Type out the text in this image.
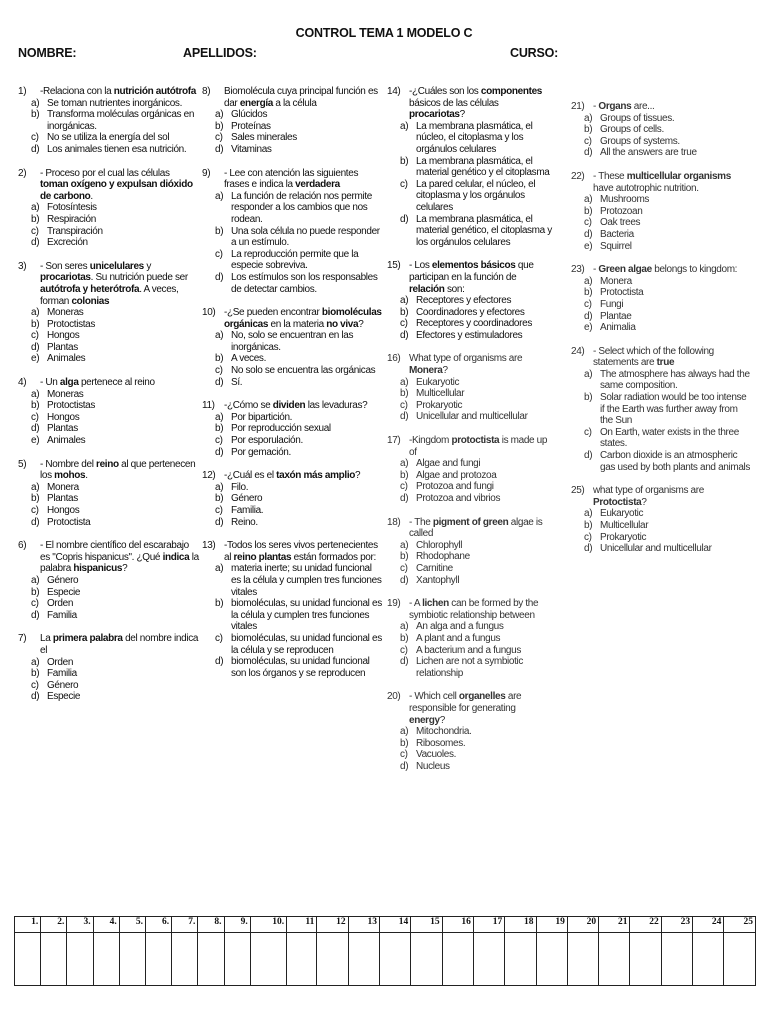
CONTROL TEMA 1 MODELO C
NOMBRE:	APELLIDOS:	CURSO:
1)	-Relaciona con la nutrición autótrofa
a) Se toman nutrientes inorgánicos.
b) Transforma moléculas orgánicas en inorgánicas.
c) No se utiliza la energía del sol
d) Los animales tienen esa nutrición.
2)	- Proceso por el cual las células toman oxígeno y expulsan dióxido de carbono.
a) Fotosíntesis
b) Respiración
c) Transpiración
d) Excreción
3)	- Son seres unicelulares y procariotas. Su nutrición puede ser autótrofa y heterótrofa. A veces, forman colonias
a) Moneras
b) Protoctistas
c) Hongos
d) Plantas
e) Animales
4)	- Un alga pertenece al reino
a) Moneras
b) Protoctistas
c) Hongos
d) Plantas
e) Animales
5)	- Nombre del reino al que pertenecen los mohos.
a) Monera
b) Plantas
c) Hongos
d) Protoctista
6)	- El nombre científico del escarabajo es "Copris hispanicus". ¿Qué indica la palabra hispanicus?
a) Género
b) Especie
c) Orden
d) Familia
7)	La primera palabra del nombre indica el
a) Orden
b) Familia
c) Género
d) Especie
8)	Biomolécula cuya principal función es dar energía a la célula
a) Glúcidos
b) Proteínas
c) Sales minerales
d) Vitaminas
9)	- Lee con atención las siguientes frases e indica la verdadera
a) La función de relación nos permite responder a los cambios que nos rodean.
b) Una sola célula no puede responder a un estímulo.
c) La reproducción permite que la especie sobreviva.
d) Los estímulos son los responsables de detectar cambios.
10) -¿Se pueden encontrar biomoléculas orgánicas en la materia no viva?
a) No, solo se encuentran en las inorgánicas.
b) A veces.
c) No solo se encuentra las orgánicas
d) Sí.
11) -¿Cómo se dividen las levaduras?
a) Por bipartición.
b) Por reproducción sexual
c) Por esporulación.
d) Por gemación.
12) -¿Cuál es el taxón más amplio?
a) Filo.
b) Género
c) Familia.
d) Reino.
13) -Todos los seres vivos pertenecientes al reino plantas están formados por:
a) materia inerte; su unidad funcional es la célula y cumplen tres funciones vitales
b) biomoléculas, su unidad funcional es la célula y cumplen tres funciones vitales
c) biomoléculas, su unidad funcional es la célula y se reproducen
d) biomoléculas, su unidad funcional son los órganos y se reproducen
14) -¿Cuáles son los componentes básicos de las células procariotas?
a) La membrana plasmática, el núcleo, el citoplasma y los orgánulos celulares
b) La membrana plasmática, el material genético y el citoplasma
c) La pared celular, el núcleo, el citoplasma y los orgánulos celulares
d) La membrana plasmática, el material genético, el citoplasma y los orgánulos celulares
15) - Los elementos básicos que participan en la función de relación son:
a) Receptores y efectores
b) Coordinadores y efectores
c) Receptores y coordinadores
d) Efectores y estimuladores
16) What type of organisms are Monera?
a) Eukaryotic
b) Multicellular
c) Prokaryotic
d) Unicellular and multicellular
17) -Kingdom protoctista is made up of
a) Algae and fungi
b) Algae and protozoa
c) Protozoa and fungi
d) Protozoa and vibrios
18) - The pigment of green algae is called
a) Chlorophyll
b) Rhodophane
c) Carnitine
d) Xantophyll
19) - A lichen can be formed by the symbiotic relationship between
a) An alga and a fungus
b) A plant and a fungus
c) A bacterium and a fungus
d) Lichen are not a symbiotic relationship
20) - Which cell organelles are responsible for generating energy?
a) Mitochondria.
b) Ribosomes.
c) Vacuoles.
d) Nucleus
21) - Organs are...
a) Groups of tissues.
b) Groups of cells.
c) Groups of systems.
d) All the answers are true
22) - These multicellular organisms have autotrophic nutrition.
a) Mushrooms
b) Protozoan
c) Oak trees
d) Bacteria
e) Squirrel
23) - Green algae belongs to kingdom:
a) Monera
b) Protoctista
c) Fungi
d) Plantae
e) Animalia
24) - Select which of the following statements are true
a) The atmosphere has always had the same composition.
b) Solar radiation would be too intense if the Earth was further away from the Sun
c) On Earth, water exists in the three states.
d) Carbon dioxide is an atmospheric gas used by both plants and animals
25) what type of organisms are Protoctista?
a) Eukaryotic
b) Multicellular
c) Prokaryotic
d) Unicellular and multicellular
1.	2.	3.	4.	5.	6.	7.	8.	9.	10.	11	12	13	14	15	16	17	18	19	20	21	22	23	24	25
